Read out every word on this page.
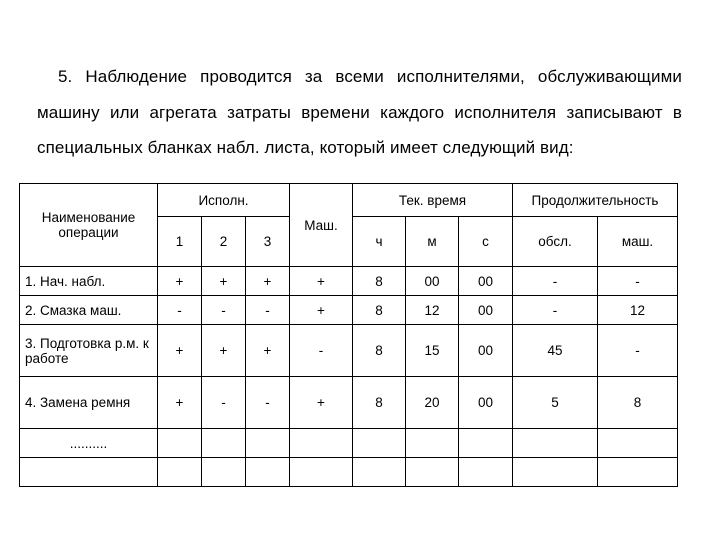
5. Наблюдение проводится за всеми исполнителями, обслуживающими машину или агрегата затраты времени каждого исполнителя записывают в специальных бланках набл. листа, который имеет следующий вид:

Наименование операции	Исполн.			Маш.	Тек. время			Продолжительность	
	1	2	3		ч	м	с	обсл.	маш.
1. Нач. набл.	+	+	+	+	8	00	00	-	-
2. Смазка маш.	-	-	-	+	8	12	00	-	12
3. Подготовка р.м. к работе	+	+	+	-	8	15	00	45	-
4. Замена ремня	+	-	-	+	8	20	00	5	8
..........									
